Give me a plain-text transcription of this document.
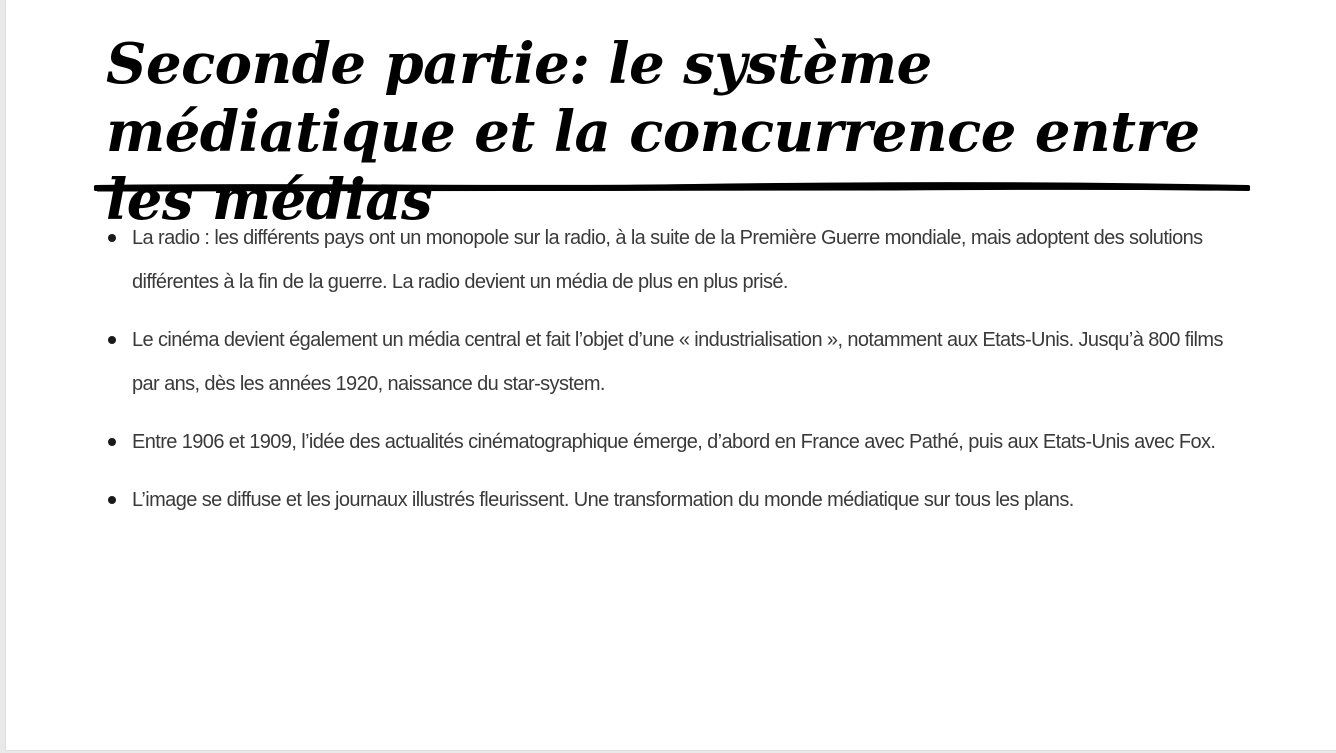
Seconde partie: le système médiatique et la concurrence entre les médias
La radio : les différents pays ont un monopole sur la radio, à la suite de la Première Guerre mondiale, mais adoptent des solutions différentes à la fin de la guerre. La radio devient un média de plus en plus prisé.
Le cinéma devient également un média central et fait l’objet d’une « industrialisation », notamment aux Etats-Unis. Jusqu’à 800 films par ans, dès les années 1920, naissance du star-system.
Entre 1906 et 1909, l’idée des actualités cinématographique émerge, d’abord en France avec Pathé, puis aux Etats-Unis avec Fox.
L’image se diffuse et les journaux illustrés fleurissent. Une transformation du monde médiatique sur tous les plans.
